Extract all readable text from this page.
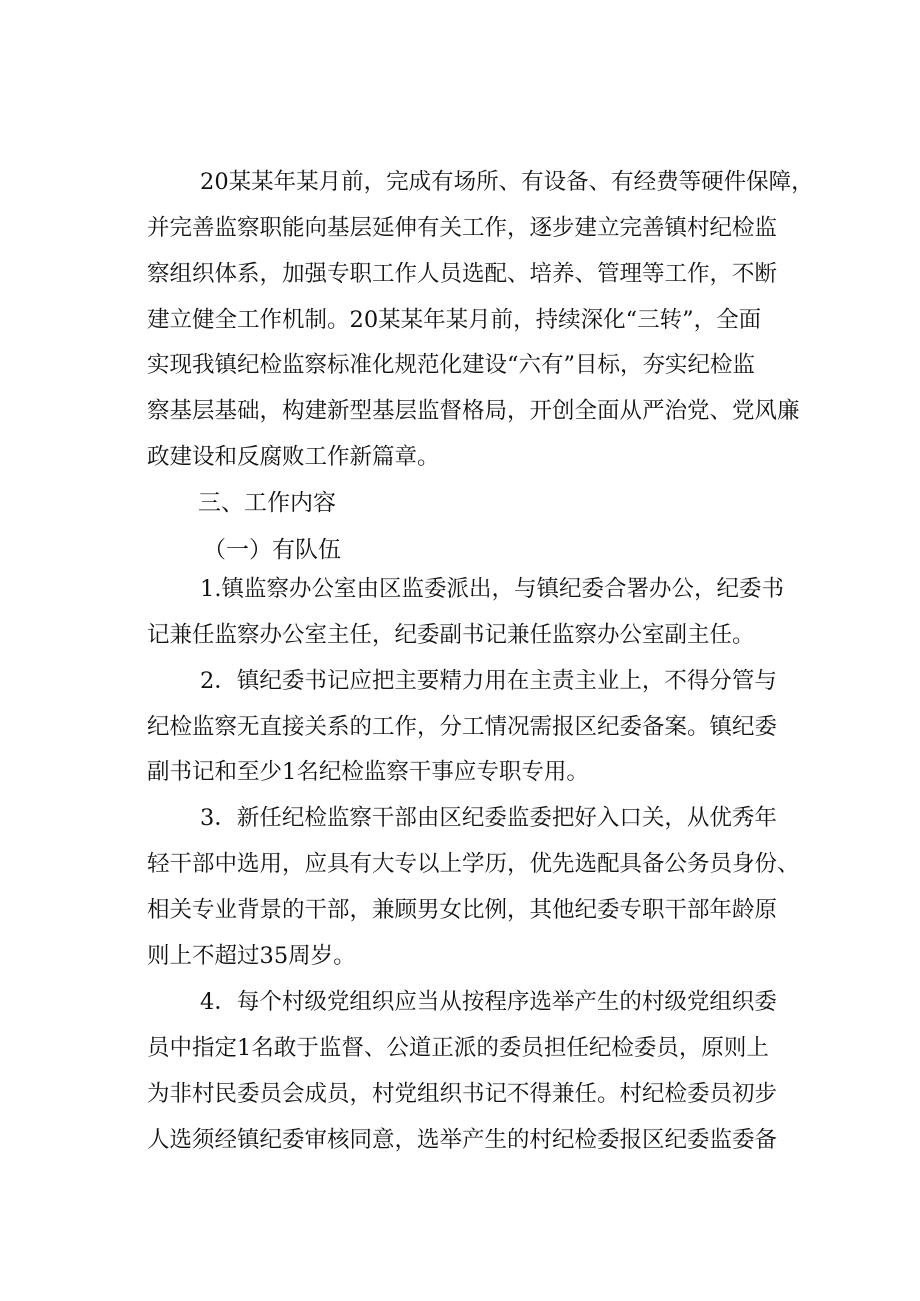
20某某年某月前，完成有场所、有设备、有经费等硬件保障，
并完善监察职能向基层延伸有关工作，逐步建立完善镇村纪检监
察组织体系，加强专职工作人员选配、培养、管理等工作，不断
建立健全工作机制。20某某年某月前，持续深化“三转”，全面
实现我镇纪检监察标准化规范化建设“六有”目标，夯实纪检监
察基层基础，构建新型基层监督格局，开创全面从严治党、党风廉
政建设和反腐败工作新篇章。
三、工作内容
（一）有队伍
1.镇监察办公室由区监委派出，与镇纪委合署办公，纪委书
记兼任监察办公室主任，纪委副书记兼任监察办公室副主任。
2．镇纪委书记应把主要精力用在主责主业上，不得分管与
纪检监察无直接关系的工作，分工情况需报区纪委备案。镇纪委
副书记和至少1名纪检监察干事应专职专用。
3．新任纪检监察干部由区纪委监委把好入口关，从优秀年
轻干部中选用，应具有大专以上学历，优先选配具备公务员身份、
相关专业背景的干部，兼顾男女比例，其他纪委专职干部年龄原
则上不超过35周岁。
4．每个村级党组织应当从按程序选举产生的村级党组织委
员中指定1名敢于监督、公道正派的委员担任纪检委员，原则上
为非村民委员会成员，村党组织书记不得兼任。村纪检委员初步
人选须经镇纪委审核同意，选举产生的村纪检委报区纪委监委备
